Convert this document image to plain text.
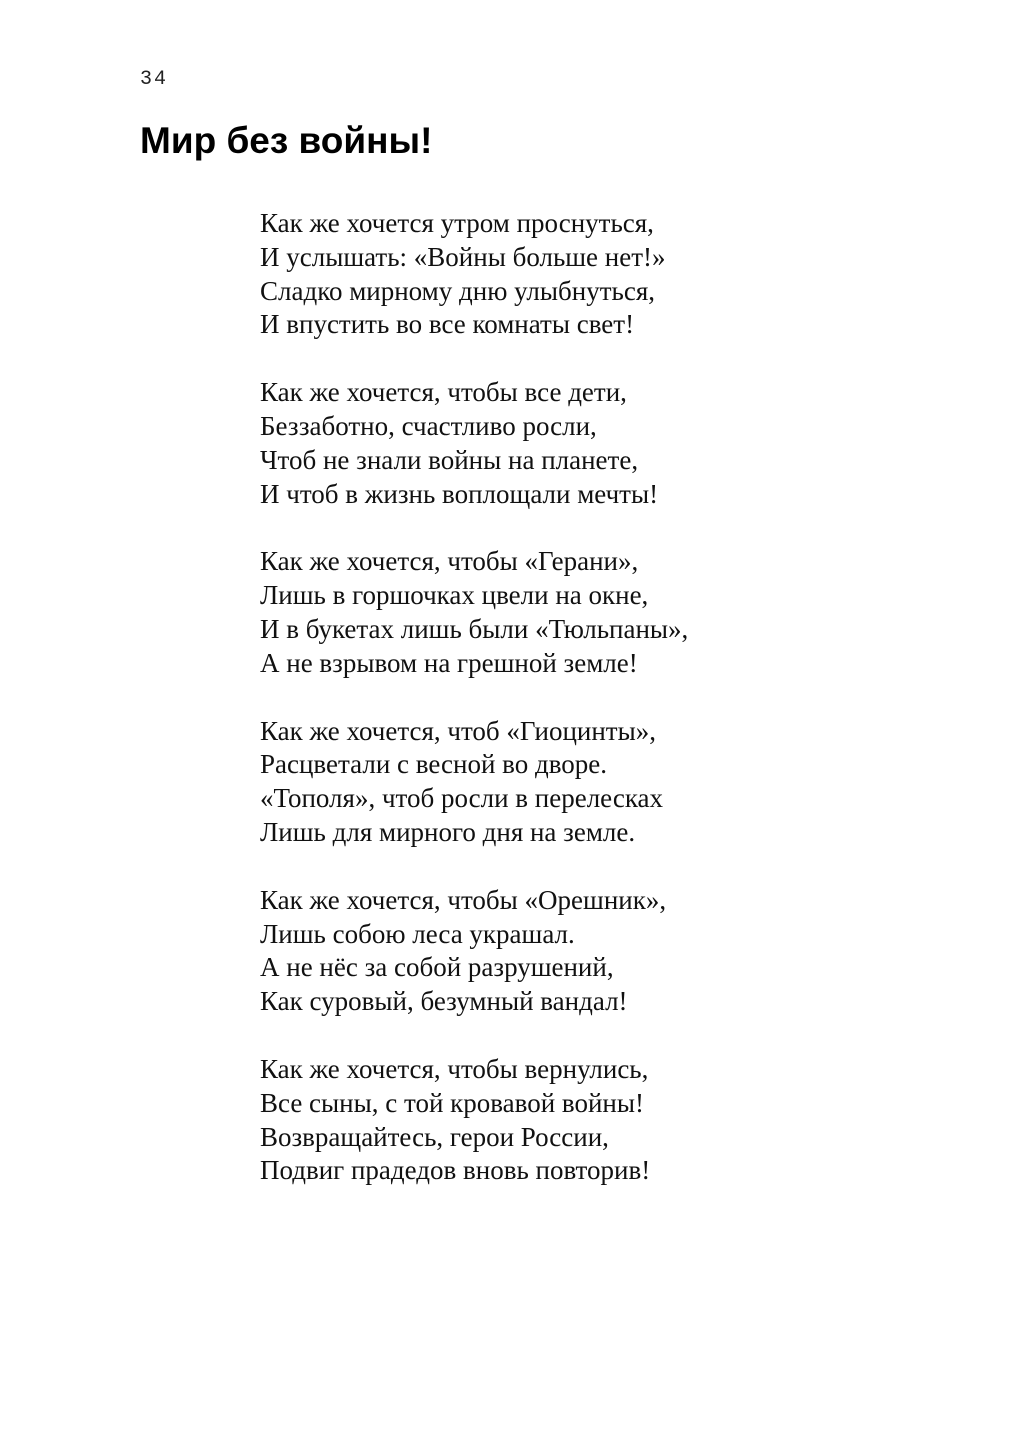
34
Мир без войны!
Как же хочется утром проснуться,
И услышать: «Войны больше нет!»
Сладко мирному дню улыбнуться,
И впустить во все комнаты свет!
Как же хочется, чтобы все дети,
Беззаботно, счастливо росли,
Чтоб не знали войны на планете,
И чтоб в жизнь воплощали мечты!
Как же хочется, чтобы «Герани»,
Лишь в горшочках цвели на окне,
И в букетах лишь были «Тюльпаны»,
А не взрывом на грешной земле!
Как же хочется, чтоб «Гиоцинты»,
Расцветали с весной во дворе.
«Тополя», чтоб росли в перелесках
Лишь для мирного дня на земле.
Как же хочется, чтобы «Орешник»,
Лишь собою леса украшал.
А не нёс за собой разрушений,
Как суровый, безумный вандал!
Как же хочется, чтобы вернулись,
Все сыны, с той кровавой войны!
Возвращайтесь, герои России,
Подвиг прадедов вновь повторив!
